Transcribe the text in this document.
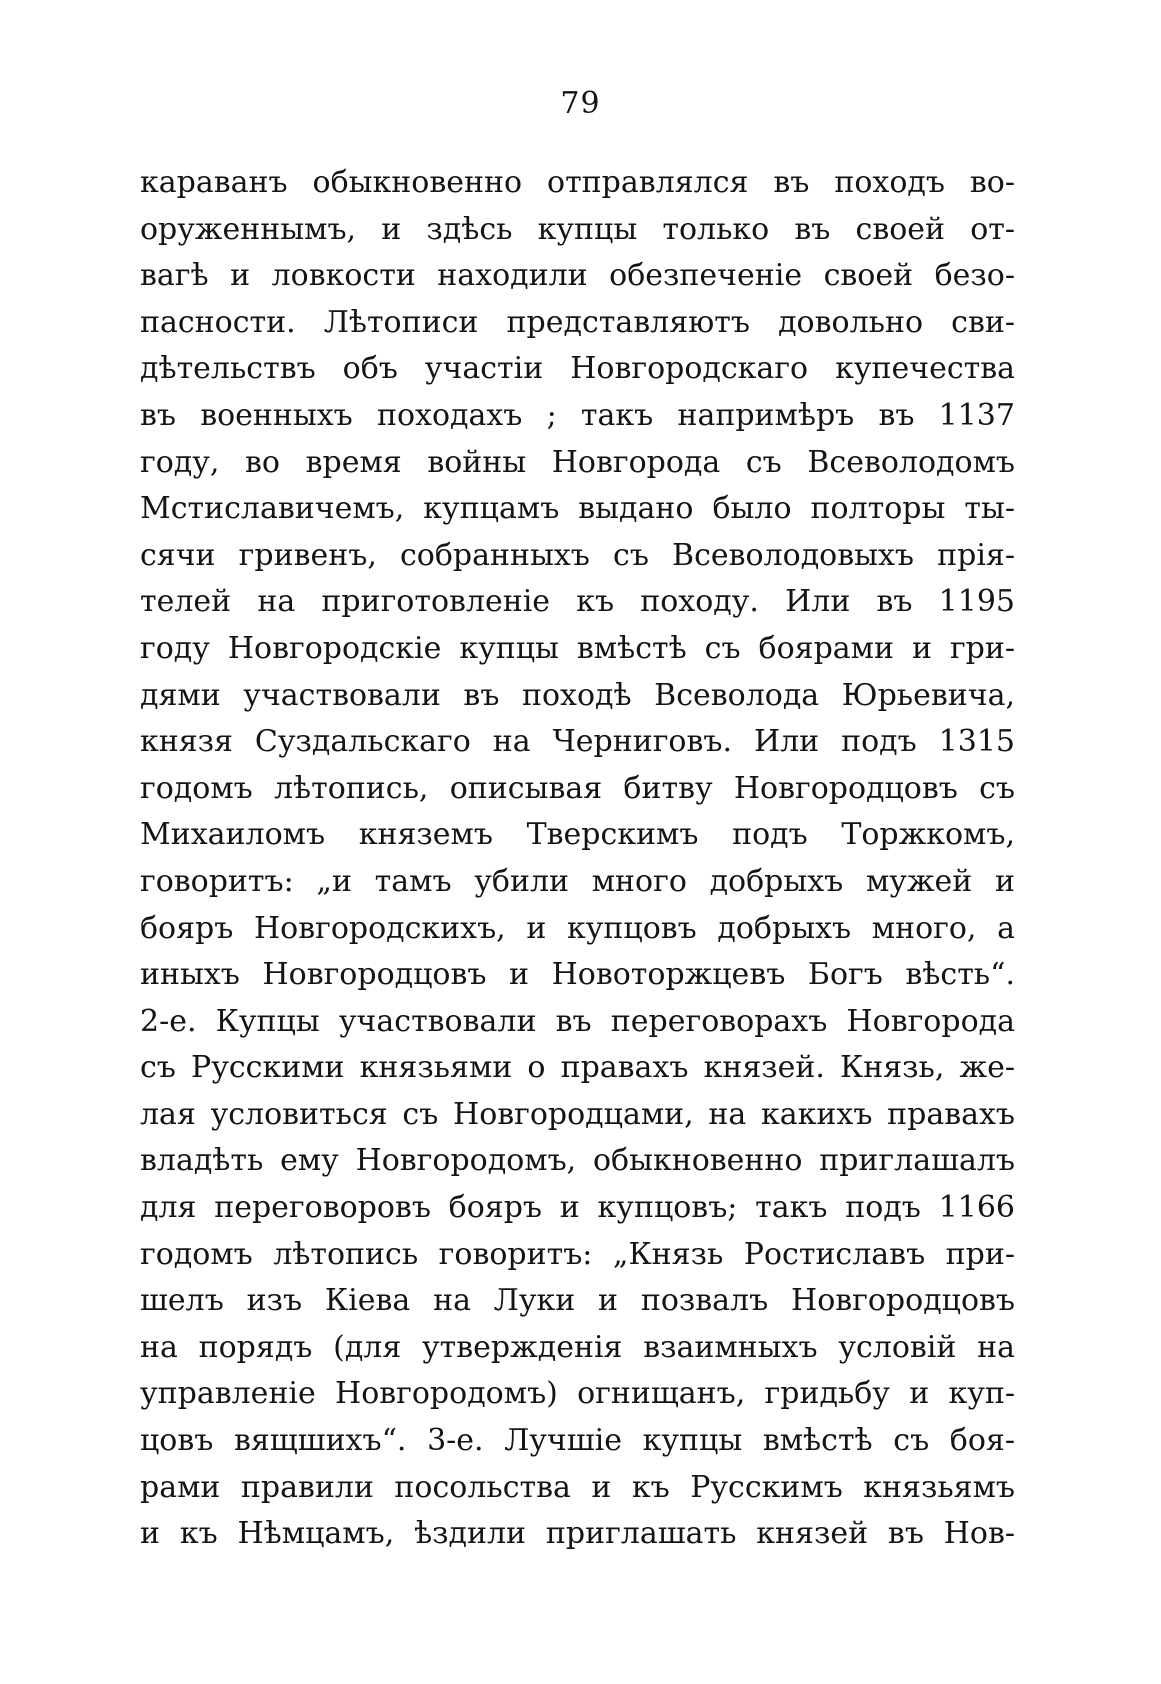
79
караванъ обыкновенно отправлялся въ походъ во-
оруженнымъ, и здѣсь купцы только въ своей от-
вагѣ и ловкости находили обезпеченіе своей безо-
пасности. Лѣтописи представляютъ довольно сви-
дѣтельствъ объ участіи Новгородскаго купечества
въ военныхъ походахъ ; такъ напримѣръ въ 1137
году, во время войны Новгорода съ Всеволодомъ
Мстиславичемъ, купцамъ выдано было полторы ты-
сячи гривенъ, собранныхъ съ Всеволодовыхъ прія-
телей на приготовленіе къ походу. Или въ 1195
году Новгородскіе купцы вмѣстѣ съ боярами и гри-
дями участвовали въ походѣ Всеволода Юрьевича,
князя Суздальскаго на Черниговъ. Или подъ 1315
годомъ лѣтопись, описывая битву Новгородцовъ съ
Михаиломъ княземъ Тверскимъ подъ Торжкомъ,
говоритъ: „и тамъ убили много добрыхъ мужей и
бояръ Новгородскихъ, и купцовъ добрыхъ много, а
иныхъ Новгородцовъ и Новоторжцевъ Богъ вѣсть“.
2-е. Купцы участвовали въ переговорахъ Новгорода
съ Русскими князьями о правахъ князей. Князь, же-
лая условиться съ Новгородцами, на какихъ правахъ
владѣть ему Новгородомъ, обыкновенно приглашалъ
для переговоровъ бояръ и купцовъ; такъ подъ 1166
годомъ лѣтопись говоритъ: „Князь Ростиславъ при-
шелъ изъ Кіева на Луки и позвалъ Новгородцовъ
на порядъ (для утвержденія взаимныхъ условій на
управленіе Новгородомъ) огнищанъ, гридьбу и куп-
цовъ вящшихъ“. 3-е. Лучшіе купцы вмѣстѣ съ боя-
рами правили посольства и къ Русскимъ князьямъ
и къ Нѣмцамъ, ѣздили приглашать князей въ Нов-
